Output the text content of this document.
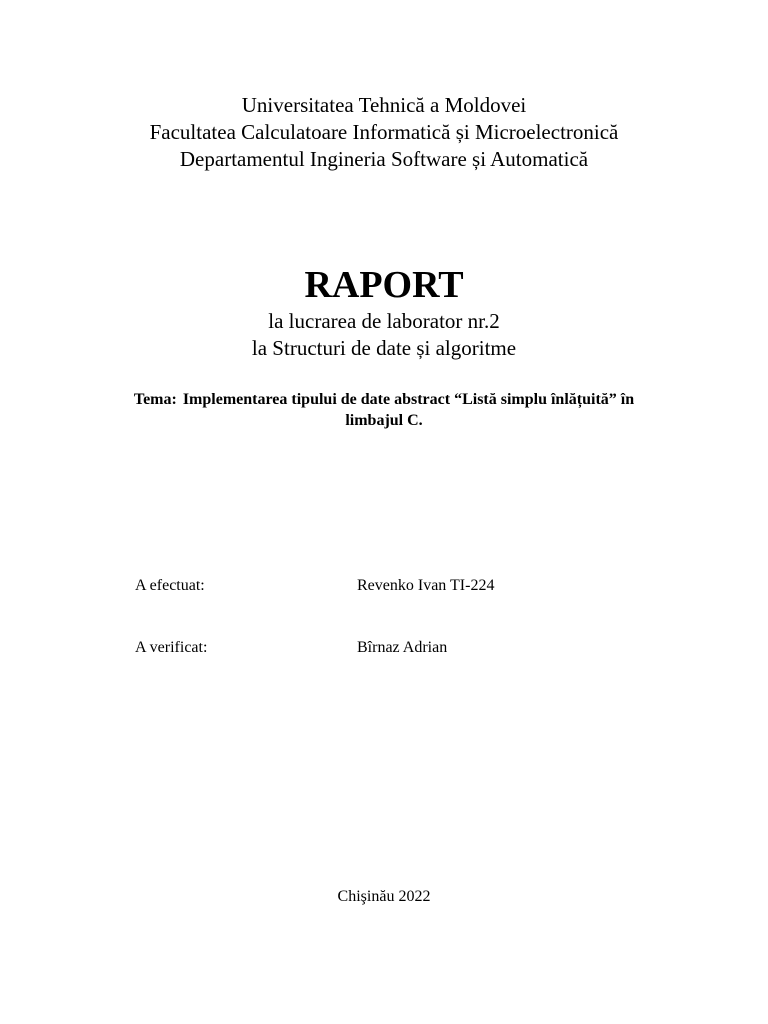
Universitatea Tehnică a Moldovei
Facultatea Calculatoare Informatică și Microelectronică
Departamentul Ingineria Software și Automatică
RAPORT
la lucrarea de laborator nr.2
la Structuri de date și algoritme
Tema: Implementarea tipului de date abstract “Listă simplu înlățuită” în
limbajul C.
A efectuat:	Revenko Ivan TI-224
A verificat:	Bîrnaz Adrian
Chişinău 2022
